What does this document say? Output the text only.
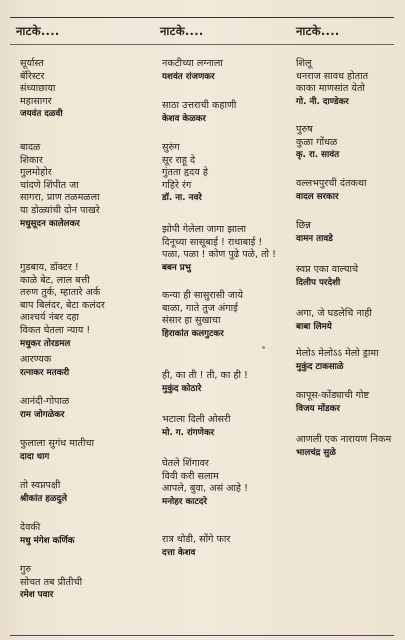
नाटके....
सूर्यास्त
बॅरिस्टर
संध्याछाया
महासागर
जयवंत दळवी
बादळ
शिकार
गुलमोहोर
चांदणे शिंपीत जा
सागरा, प्राण तळमळला
या डोळ्यांची दोन पाखरे
मधुसूदन कालेलकर
गुडबाय, डॉक्टर !
काळे बेट, लाल बत्ती
तरुण तुर्क, म्हातारे अर्क
बाप बिलंदर, बेटा कलंदर
आश्चर्य नंबर दहा
विकत घेतला न्याय !
मधुकर तोरडमल
आरण्यक
रत्नाकर मतकरी
आनंदी-गोपाळ
राम जोगळेकर
फुलाला सुगंध मातीचा
दादा धाग
तो स्वप्नपक्षी
श्रीकांत हळदुले
देवकी
मधु मंगेश कर्णिक
गुरु
सोचत तब प्रीतीची
रमेश पवार
नाटके....
नकटीच्या लग्नाला
यशवंत रांजणकर
साठा उत्तराची कहाणी
केशव केळकर
सुरुंग
सूर राहू दे
गुंतता हृदय हे
गहिरे रंग
डॉ. ना. नवरे
झोपी गेलेला जागा झाला
दिनूच्या सासूबाई ! राधाबाई !
पळा, पळा ! कोण पुढे पळे, तो !
बबन प्रभु
कन्या ही सासुरासी जाये
बाळा, गाते तुज अंगाई
संसार हा सुखाचा
हिराकांत कलगुटकर
ही, का ती ! ती, का ही !
मुकुंद कोठारे
भटाला दिली ओसरी
मो. ग. रांगणेकर
घेतले शिंगावर
विवी करी सलाम
आपले, बुवा, असं आहे !
मनोहर काटदरे
रात्र थोडी, सोंगे फार
दत्ता केशव
नाटके....
शिलू
धनराज सावध होतात
काका माणसांत येतो
गो. नी. दाण्डेकर
पुरुष
कुळा गोंधळ
कृ. रा. सावंत
वल्लभपुरची दंतकथा
वादल सरकार
छिन्न
वामन तावडे
स्वप्न एका वाल्याचे
दिलीप परदेशी
अगा, जे घडलेचि नाही
बाबा लिमये
मेलोऽ मेलोऽऽ मेलो ड्रामा
मुकुंद टाकसाळे
कापूस-कोंड्याची गोष्ट
विजय मोंडकर
आणली एक नारायण निकम
भालचंद्र सुळे
